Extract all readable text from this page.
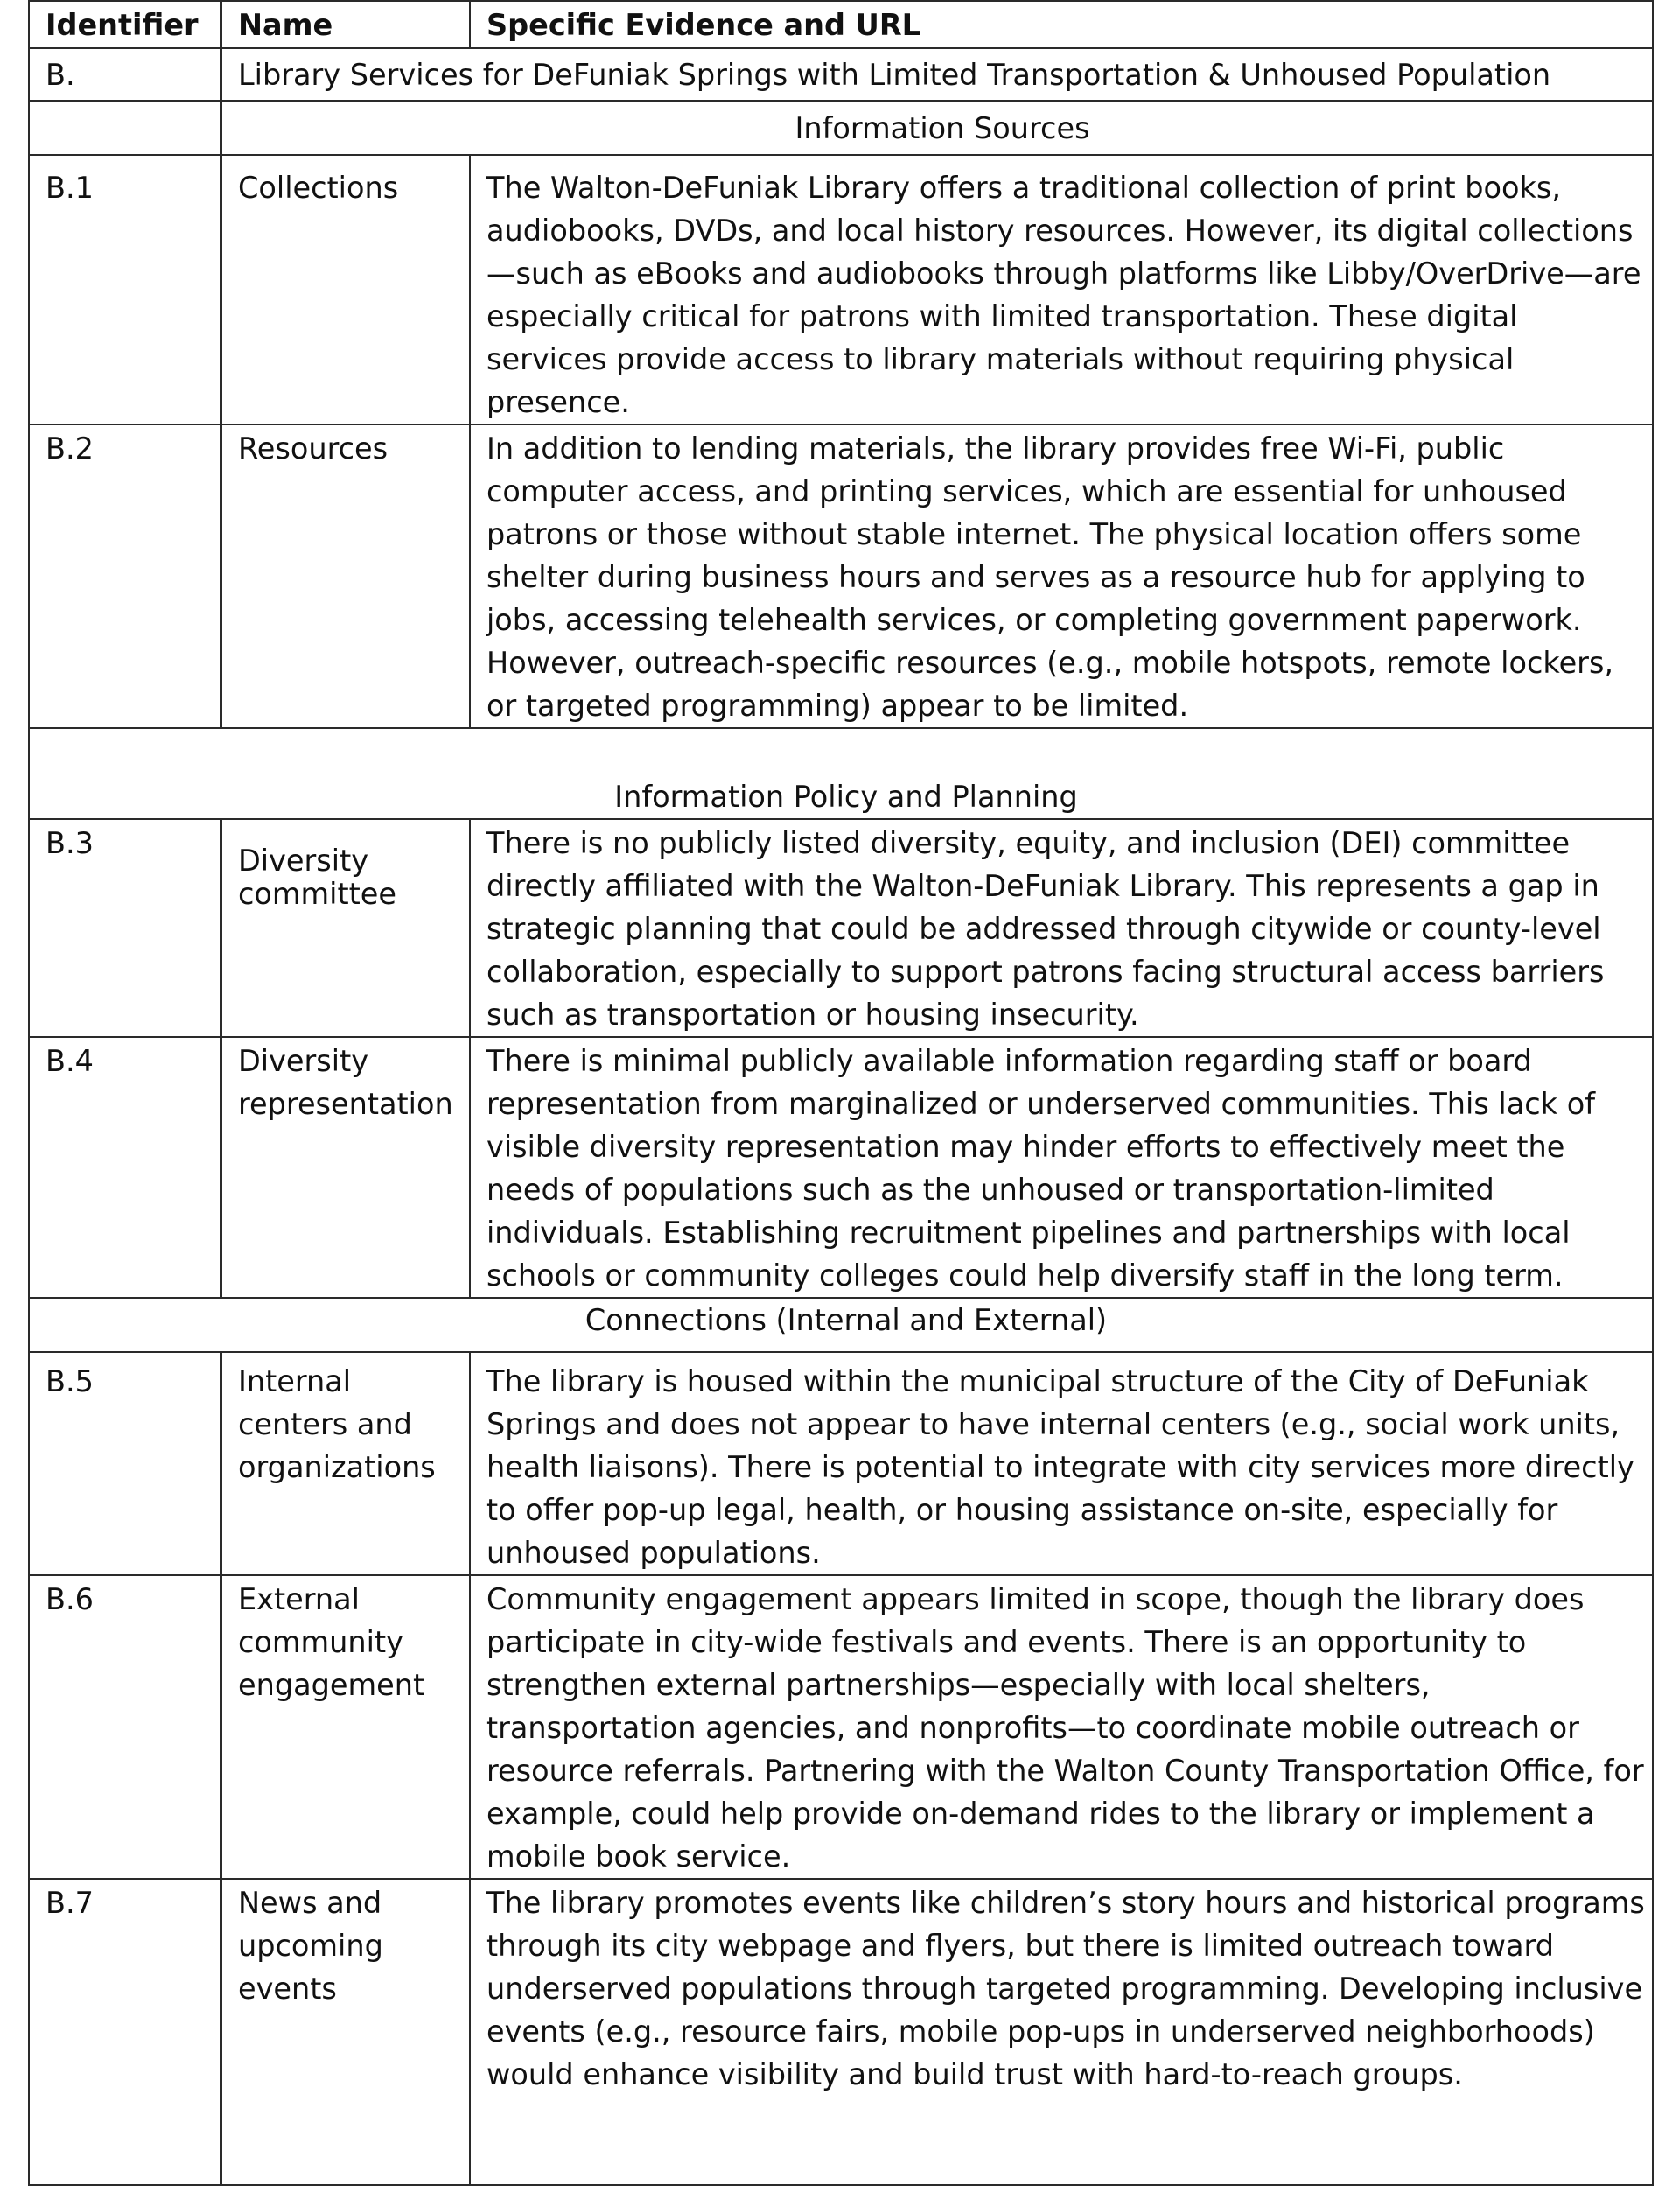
Identifier	Name	Specific Evidence and URL
B.	Library Services for DeFuniak Springs with Limited Transportation & Unhoused Population	
	Information Sources	
B.1	Collections	The Walton-DeFuniak Library offers a traditional collection of print books, audiobooks, DVDs, and local history resources. However, its digital collections—such as eBooks and audiobooks through platforms like Libby/OverDrive—are especially critical for patrons with limited transportation. These digital services provide access to library materials without requiring physical presence.
B.2	Resources	In addition to lending materials, the library provides free Wi-Fi, public computer access, and printing services, which are essential for unhoused patrons or those without stable internet. The physical location offers some shelter during business hours and serves as a resource hub for applying to jobs, accessing telehealth services, or completing government paperwork. However, outreach-specific resources (e.g., mobile hotspots, remote lockers, or targeted programming) appear to be limited.
Information Policy and Planning		
B.3	Diversity committee	There is no publicly listed diversity, equity, and inclusion (DEI) committee directly affiliated with the Walton-DeFuniak Library. This represents a gap in strategic planning that could be addressed through citywide or county-level collaboration, especially to support patrons facing structural access barriers such as transportation or housing insecurity.
B.4	Diversity representation	There is minimal publicly available information regarding staff or board representation from marginalized or underserved communities. This lack of visible diversity representation may hinder efforts to effectively meet the needs of populations such as the unhoused or transportation-limited individuals. Establishing recruitment pipelines and partnerships with local schools or community colleges could help diversify staff in the long term.
Connections (Internal and External)		
B.5	Internal centers and organizations	The library is housed within the municipal structure of the City of DeFuniak Springs and does not appear to have internal centers (e.g., social work units, health liaisons). There is potential to integrate with city services more directly to offer pop-up legal, health, or housing assistance on-site, especially for unhoused populations.
B.6	External community engagement	Community engagement appears limited in scope, though the library does participate in city-wide festivals and events. There is an opportunity to strengthen external partnerships—especially with local shelters, transportation agencies, and nonprofits—to coordinate mobile outreach or resource referrals. Partnering with the Walton County Transportation Office, for example, could help provide on-demand rides to the library or implement a mobile book service.
B.7	News and upcoming events	The library promotes events like children’s story hours and historical programs through its city webpage and flyers, but there is limited outreach toward underserved populations through targeted programming. Developing inclusive events (e.g., resource fairs, mobile pop-ups in underserved neighborhoods) would enhance visibility and build trust with hard-to-reach groups.
